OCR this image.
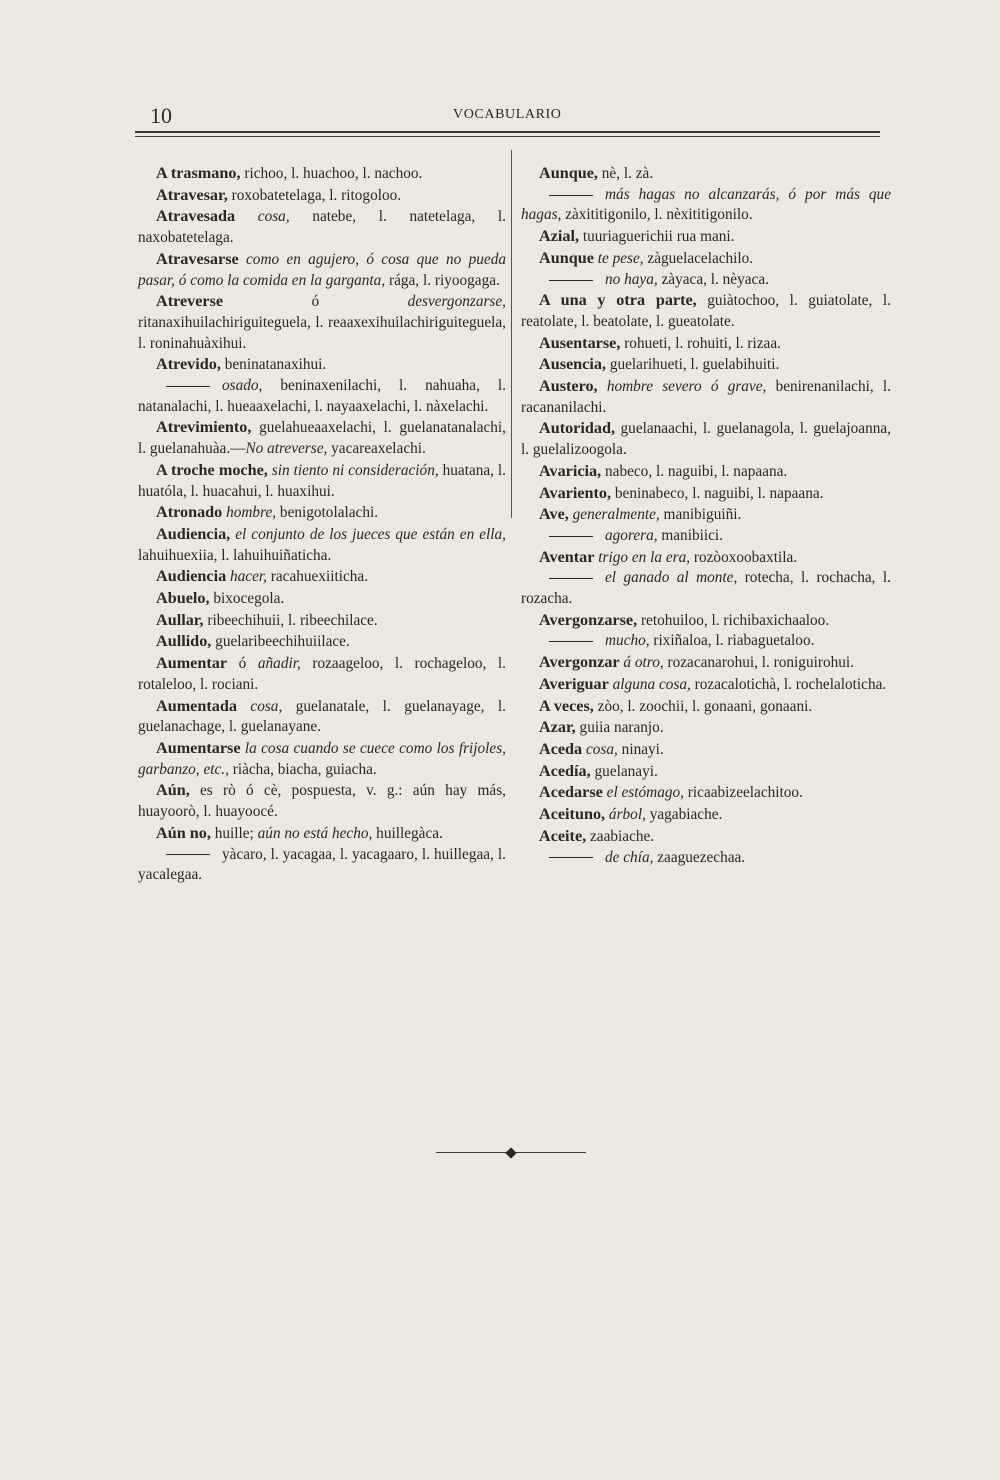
10	VOCABULARIO
A trasmano, richoo, l. huachoo, l. nachoo.
Atravesar, roxobatetelaga, l. ritogoloo.
Atravesada cosa, natebe, l. natetelaga, l. naxobatetelaga.
Atravesarse como en agujero, ó cosa que no pueda pasar, ó como la comida en la garganta, rága, l. riyoogaga.
Atreverse ó desvergonzarse, ritanaxihuilachiriguiteguela, l. reaaxexihuilachiriguiteguela, l. roninahuàxihui.
Atrevido, beninatanaxihui.
osado, beninaxenilachi, l. nahuaha, l. natanalachi, l. hueaaxelachi, l. nayaaxelachi, l. nàxelachi.
Atrevimiento, guelahueaaxelachi, l. guelanatanalachi, l. guelanahuàa.—No atreverse, yacareaxelachi.
A troche moche, sin tiento ni consideración, huatana, l. huatóla, l. huacahui, l. huaxihui.
Atronado hombre, benigotolalachi.
Audiencia, el conjunto de los jueces que están en ella, lahuihuexiia, l. lahuihuiñaticha.
Audiencia hacer, racahuexiiticha.
Abuelo, bixocegola.
Aullar, ribeechihuii, l. ribeechilace.
Aullido, guelaribeechihuiilace.
Aumentar ó añadir, rozaageloo, l. rochageloo, l. rotaleloo, l. rociani.
Aumentada cosa, guelanatale, l. guelanayage, l. guelanachage, l. guelanayane.
Aumentarse la cosa cuando se cuece como los frijoles, garbanzo, etc., riàcha, biacha, guiacha.
Aún, es rò ó cè, pospuesta, v. g.: aún hay más, huayoorò, l. huayoocé.
Aún no, huille; aún no está hecho, huillegàca.
yàcaro, l. yacagaa, l. yacagaaro, l. huillegaa, l. yacalegaa.
Aunque, nè, l. zà.
más hagas no alcanzarás, ó por más que hagas, zàxititigonilo, l. nèxititigonilo.
Azial, tuuriaguerichii rua mani.
Aunque te pese, zàguelacelachilo.
no haya, zàyaca, l. nèyaca.
A una y otra parte, guiàtochoo, l. guiatolate, l. reatolate, l. beatolate, l. gueatolate.
Ausentarse, rohueti, l. rohuiti, l. rizaa.
Ausencia, guelarihueti, l. guelabihuiti.
Austero, hombre severo ó grave, benirenanilachi, l. racananilachi.
Autoridad, guelanaachi, l. guelanagola, l. guelajoanna, l. guelalizoogola.
Avaricia, nabeco, l. naguibi, l. napaana.
Avariento, beninabeco, l. naguibi, l. napaana.
Ave, generalmente, manibiguiñi.
agorera, manibiici.
Aventar trigo en la era, rozòoxoobaxtila.
el ganado al monte, rotecha, l. rochacha, l. rozacha.
Avergonzarse, retohuiloo, l. richibaxichaaloo.
mucho, rixiñaloa, l. riabaguetaloo.
Avergonzar á otro, rozacanarohui, l. roniguirohui.
Averiguar alguna cosa, rozacalotichà, l. rochelaloticha.
A veces, zòo, l. zoochii, l. gonaani, gonaani.
Azar, guiia naranjo.
Aceda cosa, ninayi.
Acedía, guelanayi.
Acedarse el estómago, ricaabizeelachitoo.
Aceituno, árbol, yagabiache.
Aceite, zaabiache.
de chía, zaaguezechaa.
